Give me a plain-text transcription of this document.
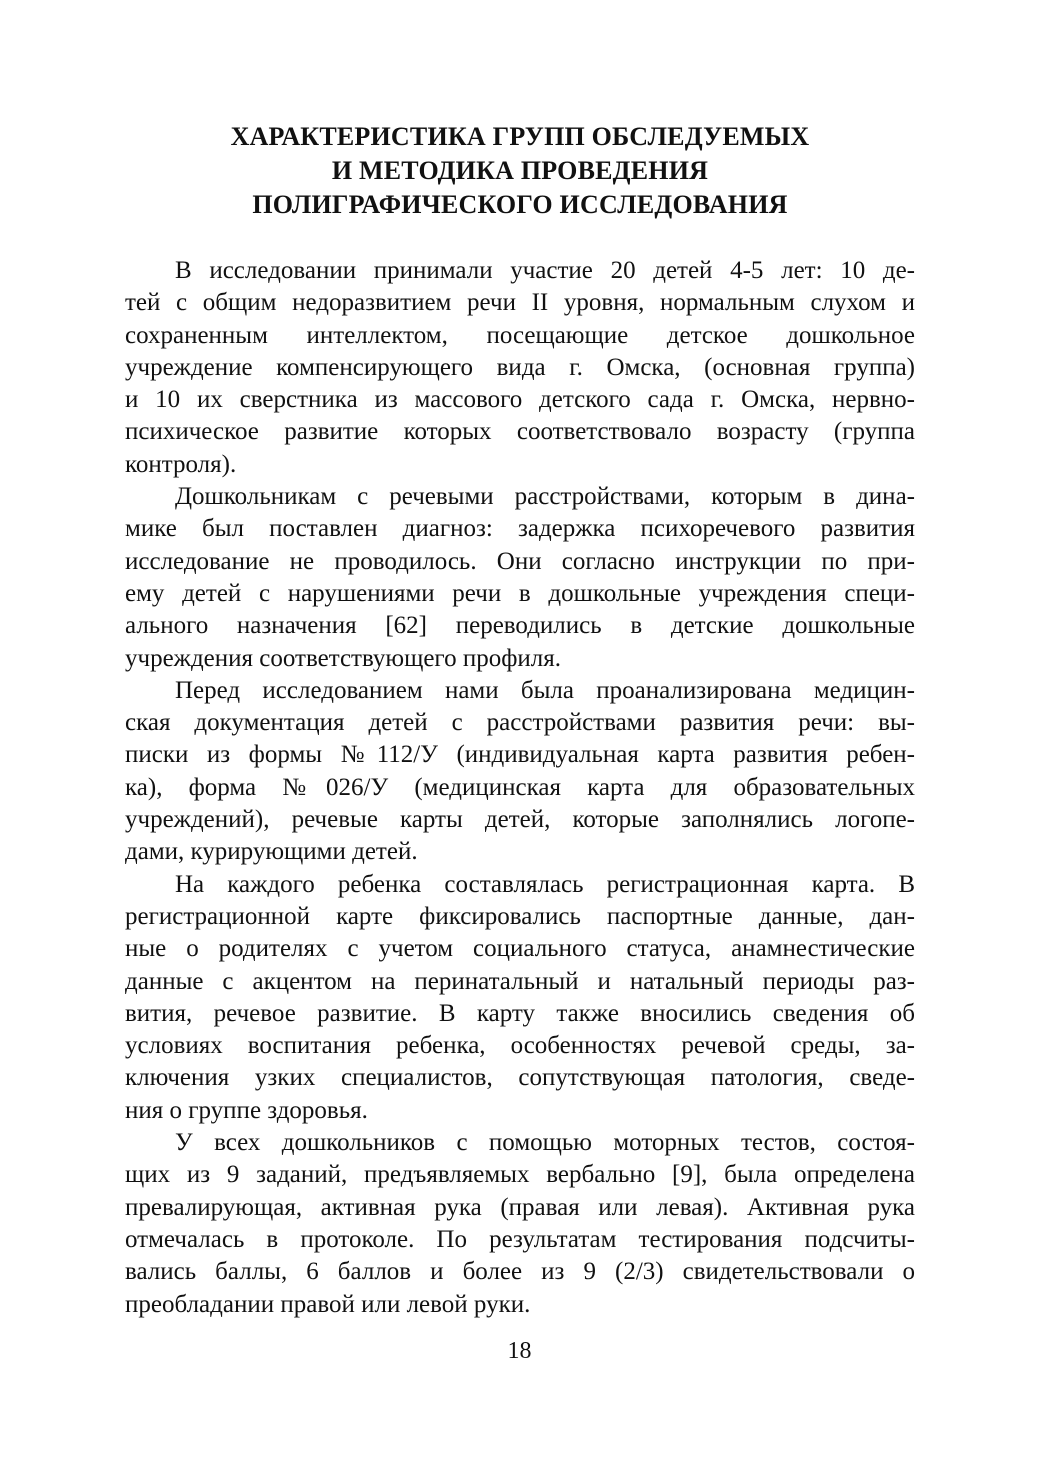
ХАРАКТЕРИСТИКА ГРУПП ОБСЛЕДУЕМЫХ
И МЕТОДИКА ПРОВЕДЕНИЯ
ПОЛИГРАФИЧЕСКОГО ИССЛЕДОВАНИЯ

В исследовании принимали участие 20 детей 4-5 лет: 10 де-
тей с общим недоразвитием речи II уровня, нормальным слухом и
сохраненным интеллектом, посещающие детское дошкольное
учреждение компенсирующего вида г. Омска, (основная группа)
и 10 их сверстника из массового детского сада г. Омска, нервно-
психическое развитие которых соответствовало возрасту (группа
контроля).

Дошкольникам с речевыми расстройствами, которым в дина-
мике был поставлен диагноз: задержка психоречевого развития
исследование не проводилось. Они согласно инструкции по при-
ему детей с нарушениями речи в дошкольные учреждения специ-
ального назначения [62] переводились в детские дошкольные
учреждения соответствующего профиля.

Перед исследованием нами была проанализирована медицин-
ская документация детей с расстройствами развития речи: вы-
писки из формы №112/У (индивидуальная карта развития ребен-
ка), форма №026/У (медицинская карта для образовательных
учреждений), речевые карты детей, которые заполнялись логопе-
дами, курирующими детей.

На каждого ребенка составлялась регистрационная карта. В
регистрационной карте фиксировались паспортные данные, дан-
ные о родителях с учетом социального статуса, анамнестические
данные с акцентом на перинатальный и натальный периоды раз-
вития, речевое развитие. В карту также вносились сведения об
условиях воспитания ребенка, особенностях речевой среды, за-
ключения узких специалистов, сопутствующая патология, сведе-
ния о группе здоровья.

У всех дошкольников с помощью моторных тестов, состоя-
щих из 9 заданий, предъявляемых вербально [9], была определена
превалирующая, активная рука (правая или левая). Активная рука
отмечалась в протоколе. По результатам тестирования подсчиты-
вались баллы, 6 баллов и более из 9 (2/3) свидетельствовали о
преобладании правой или левой руки.

18
